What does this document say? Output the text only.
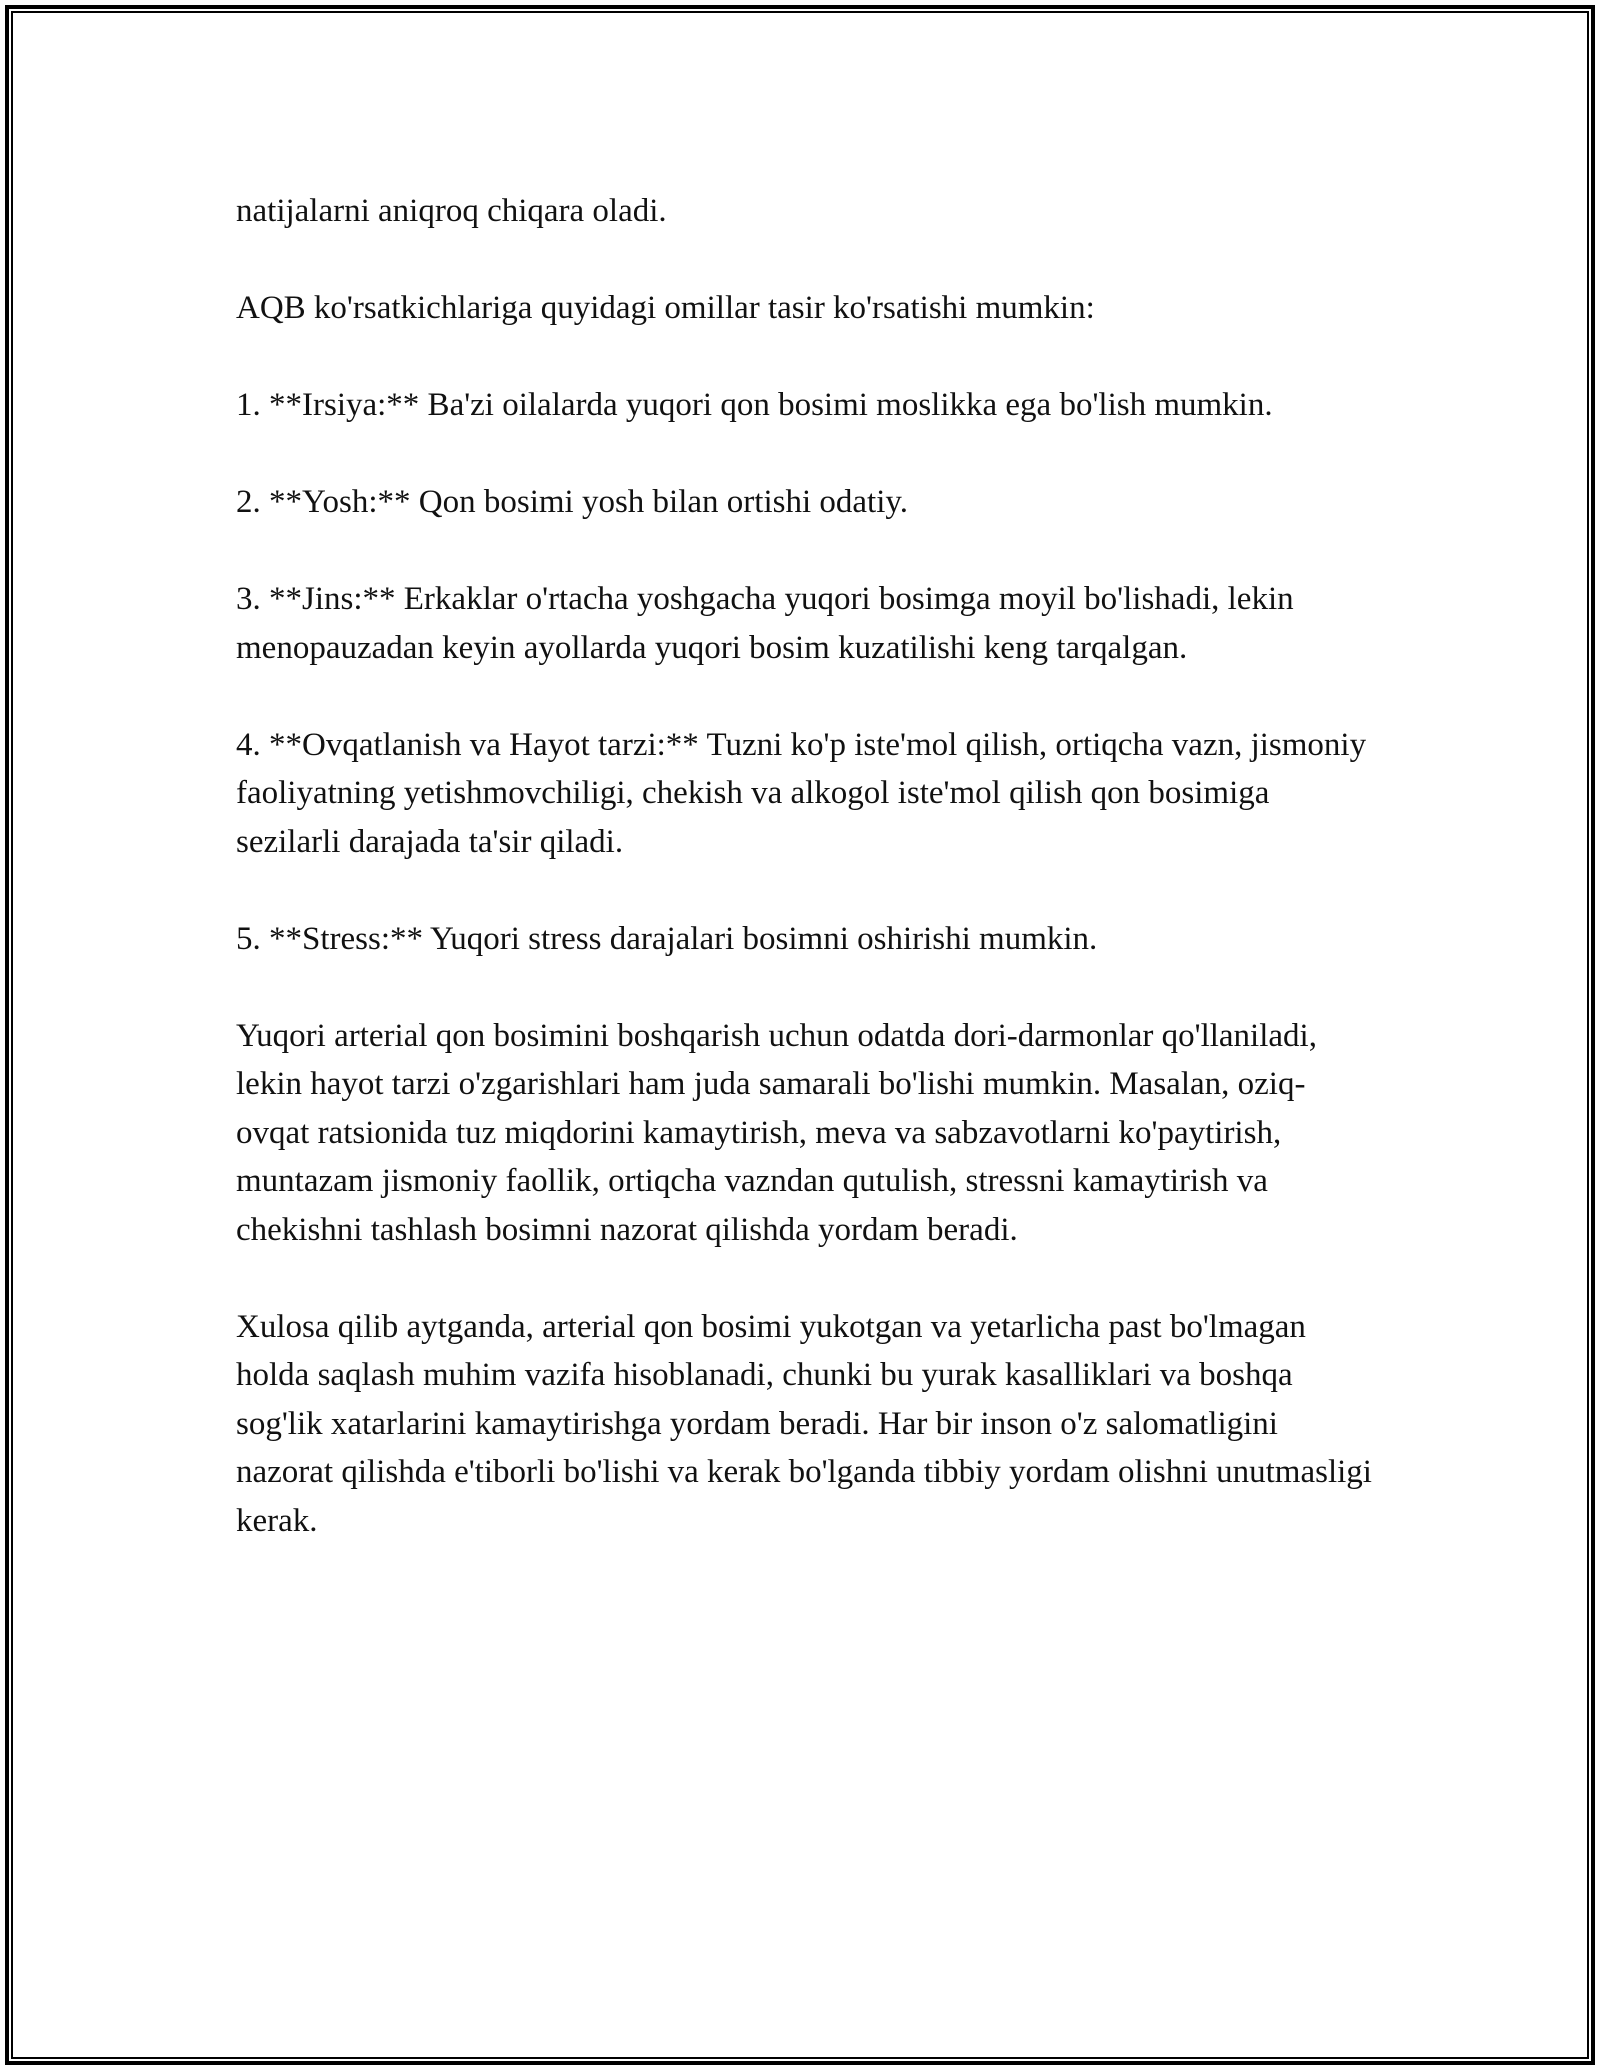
natijalarni aniqroq chiqara oladi.

AQB ko'rsatkichlariga quyidagi omillar tasir ko'rsatishi mumkin:

1. **Irsiya:** Ba'zi oilalarda yuqori qon bosimi moslikka ega bo'lish mumkin.

2. **Yosh:** Qon bosimi yosh bilan ortishi odatiy.

3. **Jins:** Erkaklar o'rtacha yoshgacha yuqori bosimga moyil bo'lishadi, lekin menopauzadan keyin ayollarda yuqori bosim kuzatilishi keng tarqalgan.

4. **Ovqatlanish va Hayot tarzi:** Tuzni ko'p iste'mol qilish, ortiqcha vazn, jismoniy faoliyatning yetishmovchiligi, chekish va alkogol iste'mol qilish qon bosimiga sezilarli darajada ta'sir qiladi.

5. **Stress:** Yuqori stress darajalari bosimni oshirishi mumkin.

Yuqori arterial qon bosimini boshqarish uchun odatda dori-darmonlar qo'llaniladi, lekin hayot tarzi o'zgarishlari ham juda samarali bo'lishi mumkin. Masalan, oziq-ovqat ratsionida tuz miqdorini kamaytirish, meva va sabzavotlarni ko'paytirish, muntazam jismoniy faollik, ortiqcha vazndan qutulish, stressni kamaytirish va chekishni tashlash bosimni nazorat qilishda yordam beradi.

Xulosa qilib aytganda, arterial qon bosimi yukotgan va yetarlicha past bo'lmagan holda saqlash muhim vazifa hisoblanadi, chunki bu yurak kasalliklari va boshqa sog'lik xatarlarini kamaytirishga yordam beradi. Har bir inson o'z salomatligini nazorat qilishda e'tiborli bo'lishi va kerak bo'lganda tibbiy yordam olishni unutmasligi kerak.
